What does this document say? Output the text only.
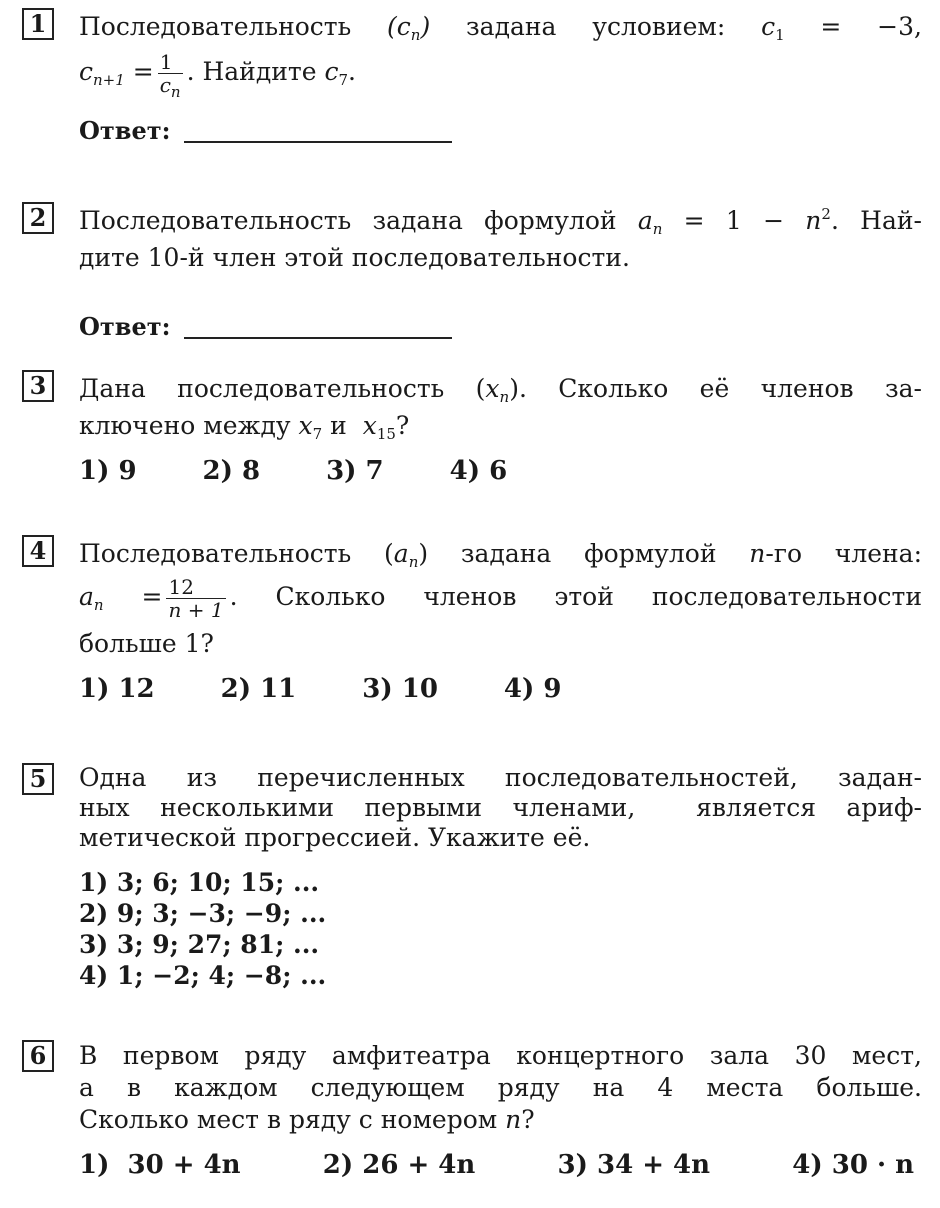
1	Последовательность $(c_n)$ задана условием: $c_1 = -3$,
$c_{n+1} = \frac{1}{c_n}$ . Найдите $c_7$.
Ответ:
2	Последовательность задана формулой $a_n = 1 - n^2$. Най-
дите 10-й член этой последовательности.
Ответ:
3	Дана последовательность $(x_n)$. Сколько её членов за-
ключено между $x_7$ и  $x_{15}$?
1) 9	2) 8	3) 7	4) 6
4	Последовательность $(a_n)$ задана формулой n-го члена:
$a_n = \frac{12}{n + 1}$ . Сколько членов этой последовательности
больше 1?
1) 12	2) 11	3) 10	4) 9
5	Одна из перечисленных последовательностей, задан-
ных несколькими первыми членами,  является ариф-
метической прогрессией. Укажите её.
1) 3; 6; 10; 15; ...
2) 9; 3; −3; −9; ...
3) 3; 9; 27; 81; ...
4) 1; −2; 4; −8; ...
6	В первом ряду амфитеатра концертного зала 30 мест,
а в каждом следующем ряду на 4 места больше.
Сколько мест в ряду с номером n?
1)  30 + 4n	2) 26 + 4n	3) 34 + 4n	4) 30 · n
